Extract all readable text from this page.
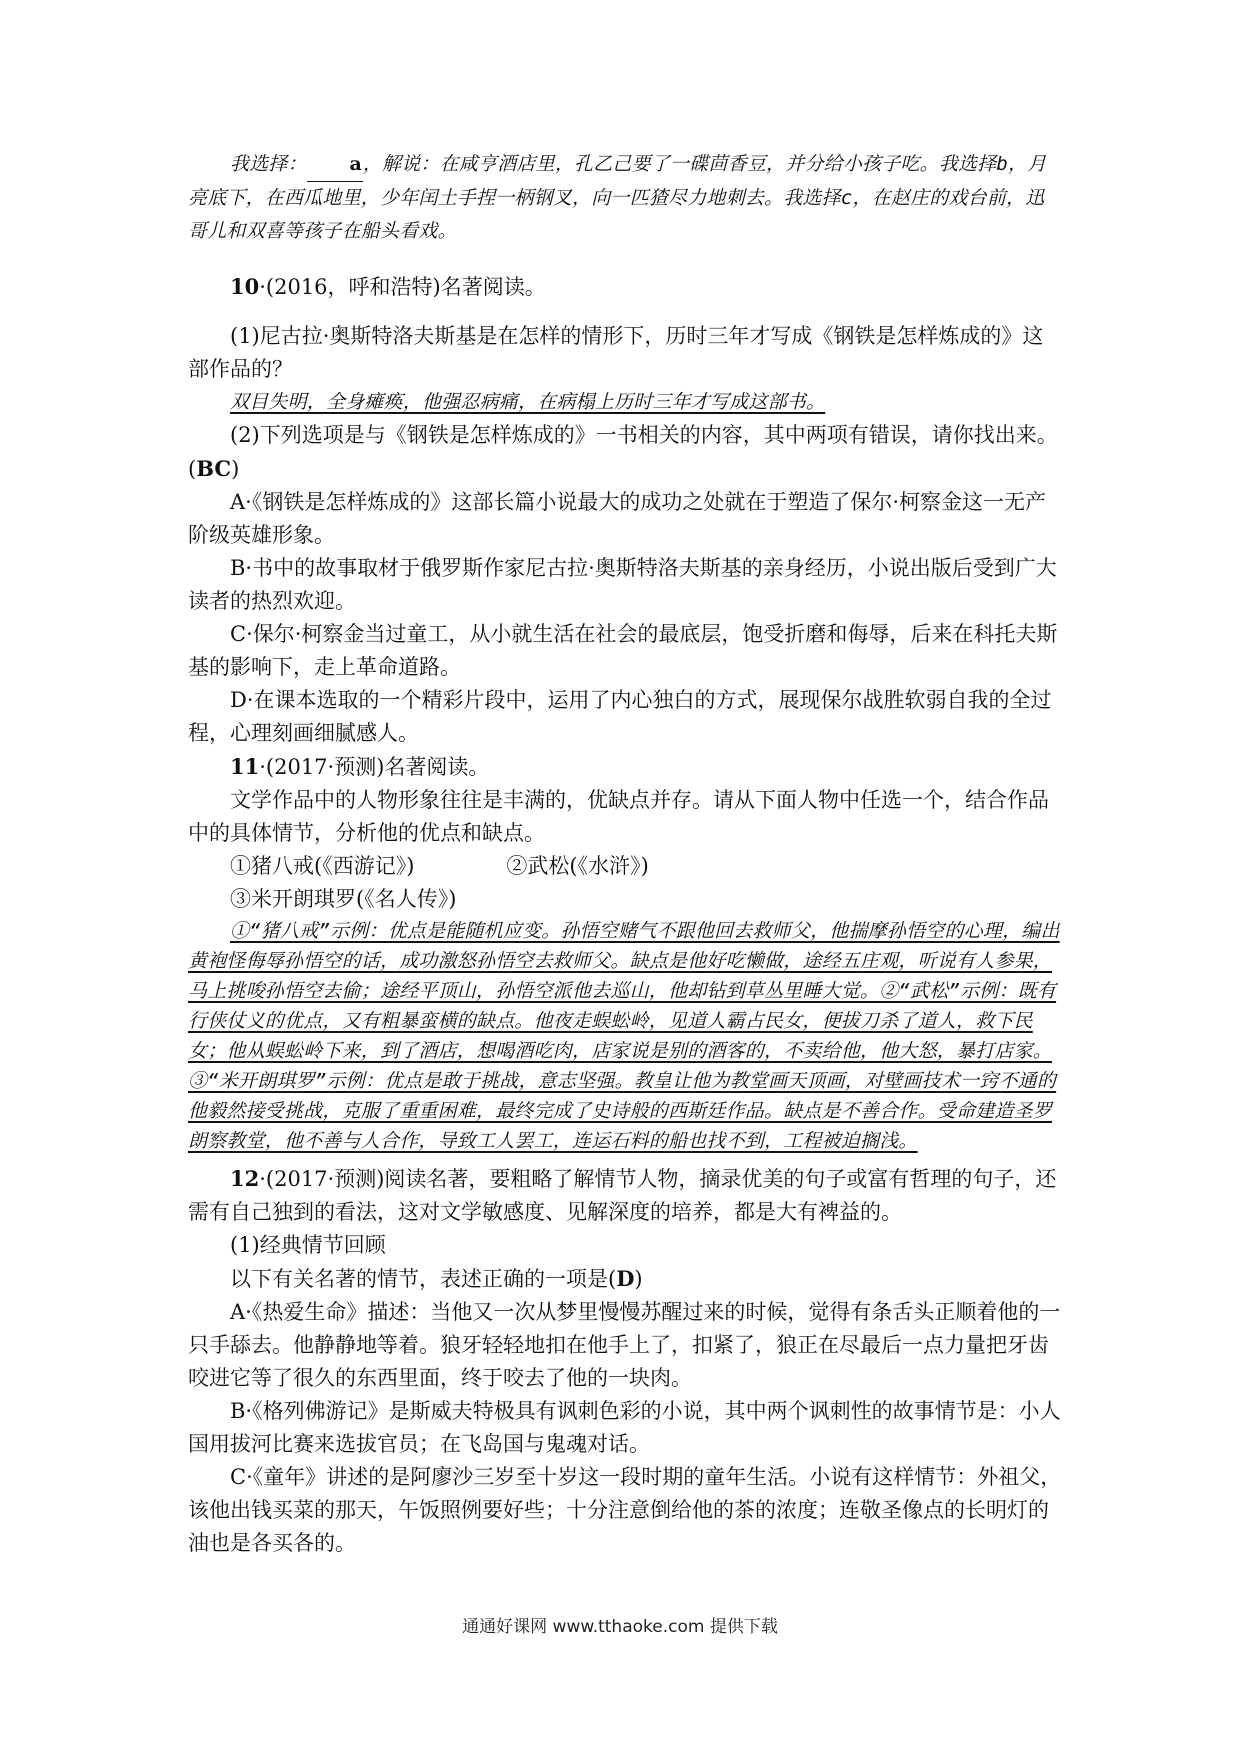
我选择： a，解说：在咸亨酒店里，孔乙己要了一碟茴香豆，并分给小孩子吃。我选择b，月亮底下，在西瓜地里，少年闰土手捏一柄钢叉，向一匹猹尽力地刺去。我选择c，在赵庄的戏台前，迅哥儿和双喜等孩子在船头看戏。

10·(2016，呼和浩特)名著阅读。

(1)尼古拉·奥斯特洛夫斯基是在怎样的情形下，历时三年才写成《钢铁是怎样炼成的》这部作品的？

双目失明，全身瘫痪，他强忍病痛，在病榻上历时三年才写成这部书。

(2)下列选项是与《钢铁是怎样炼成的》一书相关的内容，其中两项有错误，请你找出来。(BC)

A·《钢铁是怎样炼成的》这部长篇小说最大的成功之处就在于塑造了保尔·柯察金这一无产阶级英雄形象。

B·书中的故事取材于俄罗斯作家尼古拉·奥斯特洛夫斯基的亲身经历，小说出版后受到广大读者的热烈欢迎。

C·保尔·柯察金当过童工，从小就生活在社会的最底层，饱受折磨和侮辱，后来在科托夫斯基的影响下，走上革命道路。

D·在课本选取的一个精彩片段中，运用了内心独白的方式，展现保尔战胜软弱自我的全过程，心理刻画细腻感人。

11·(2017·预测)名著阅读。

文学作品中的人物形象往往是丰满的，优缺点并存。请从下面人物中任选一个，结合作品中的具体情节，分析他的优点和缺点。

①猪八戒(《西游记》)	②武松(《水浒》)

③米开朗琪罗(《名人传》)

①“猪八戒”示例：优点是能随机应变。孙悟空赌气不跟他回去救师父，他揣摩孙悟空的心理，编出黄袍怪侮辱孙悟空的话，成功激怒孙悟空去救师父。缺点是他好吃懒做，途经五庄观，听说有人参果，马上挑唆孙悟空去偷；途经平顶山，孙悟空派他去巡山，他却钻到草丛里睡大觉。②“武松”示例：既有行侠仗义的优点，又有粗暴蛮横的缺点。他夜走蜈蚣岭，见道人霸占民女，便拔刀杀了道人，救下民女；他从蜈蚣岭下来，到了酒店，想喝酒吃肉，店家说是别的酒客的，不卖给他，他大怒，暴打店家。③“米开朗琪罗”示例：优点是敢于挑战，意志坚强。教皇让他为教堂画天顶画，对壁画技术一窍不通的他毅然接受挑战，克服了重重困难，最终完成了史诗般的西斯廷作品。缺点是不善合作。受命建造圣罗朗察教堂，他不善与人合作，导致工人罢工，连运石料的船也找不到，工程被迫搁浅。

12·(2017·预测)阅读名著，要粗略了解情节人物，摘录优美的句子或富有哲理的句子，还需有自己独到的看法，这对文学敏感度、见解深度的培养，都是大有裨益的。

(1)经典情节回顾

以下有关名著的情节，表述正确的一项是(D)

A·《热爱生命》描述：当他又一次从梦里慢慢苏醒过来的时候，觉得有条舌头正顺着他的一只手舔去。他静静地等着。狼牙轻轻地扣在他手上了，扣紧了，狼正在尽最后一点力量把牙齿咬进它等了很久的东西里面，终于咬去了他的一块肉。

B·《格列佛游记》是斯威夫特极具有讽刺色彩的小说，其中两个讽刺性的故事情节是：小人国用拔河比赛来选拔官员；在飞岛国与鬼魂对话。

C·《童年》讲述的是阿廖沙三岁至十岁这一段时期的童年生活。小说有这样情节：外祖父，该他出钱买菜的那天，午饭照例要好些；十分注意倒给他的茶的浓度；连敬圣像点的长明灯的油也是各买各的。

通通好课网 www.tthaoke.com 提供下载
